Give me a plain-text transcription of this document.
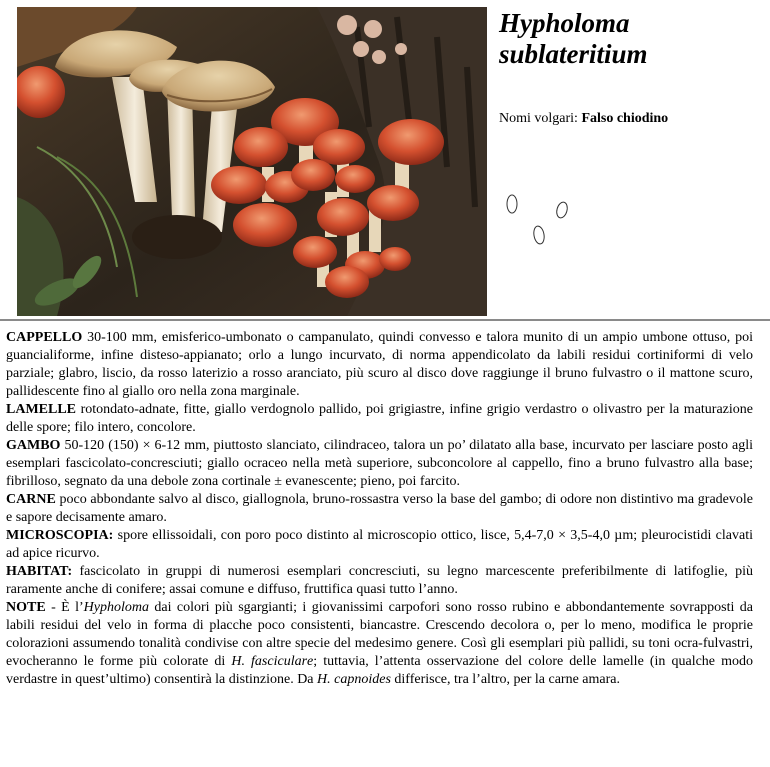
Hypholoma
sublateritium
Nomi volgari: Falso chiodino

CAPPELLO 30-100 mm, emisferico-umbonato o campanulato, quindi convesso e talora munito di un ampio umbone ottuso, poi guancialiforme, infine disteso-appianato; orlo a lungo incurvato, di norma appendicolato da labili residui cortiniformi di velo parziale; glabro, liscio, da rosso laterizio a rosso aranciato, più scuro al disco dove raggiunge il bruno fulvastro o il mattone scuro, pallidescente fino al giallo oro nella zona marginale.

LAMELLE rotondato-adnate, fitte, giallo verdognolo pallido, poi grigiastre, infine grigio verdastro o olivastro per la maturazione delle spore; filo intero, concolore.

GAMBO 50-120 (150) × 6-12 mm, piuttosto slanciato, cilindraceo, talora un po’ dilatato alla base, incurvato per lasciare posto agli esemplari fascicolato-concresciuti; giallo ocraceo nella metà superiore, subconcolore al cappello, fino a bruno fulvastro alla base; fibrilloso, segnato da una debole zona cortinale ± evanescente; pieno, poi farcito.

CARNE poco abbondante salvo al disco, giallognola, bruno-rossastra verso la base del gambo; di odore non distintivo ma gradevole e sapore decisamente amaro.

MICROSCOPIA: spore ellissoidali, con poro poco distinto al microscopio ottico, lisce, 5,4-7,0 × 3,5-4,0 µm; pleurocistidi clavati ad apice ricurvo.

HABITAT: fascicolato in gruppi di numerosi esemplari concresciuti, su legno marcescente preferibilmente di latifoglie, più raramente anche di conifere; assai comune e diffuso, fruttifica quasi tutto l’anno.

NOTE - È l’Hypholoma dai colori più sgargianti; i giovanissimi carpofori sono rosso rubino e abbondantemente sovrapposti da labili residui del velo in forma di placche poco consistenti, biancastre. Crescendo decolora o, per lo meno, modifica le proprie colorazioni assumendo tonalità condivise con altre specie del medesimo genere. Così gli esemplari più pallidi, su toni ocra-fulvastri, evocheranno le forme più colorate di H. fascicularе; tuttavia, l’attenta osservazione del colore delle lamelle (in qualche modo verdastre in quest’ultimo) consentirà la distinzione. Da H. capnoides differisce, tra l’altro, per la carne amara.
